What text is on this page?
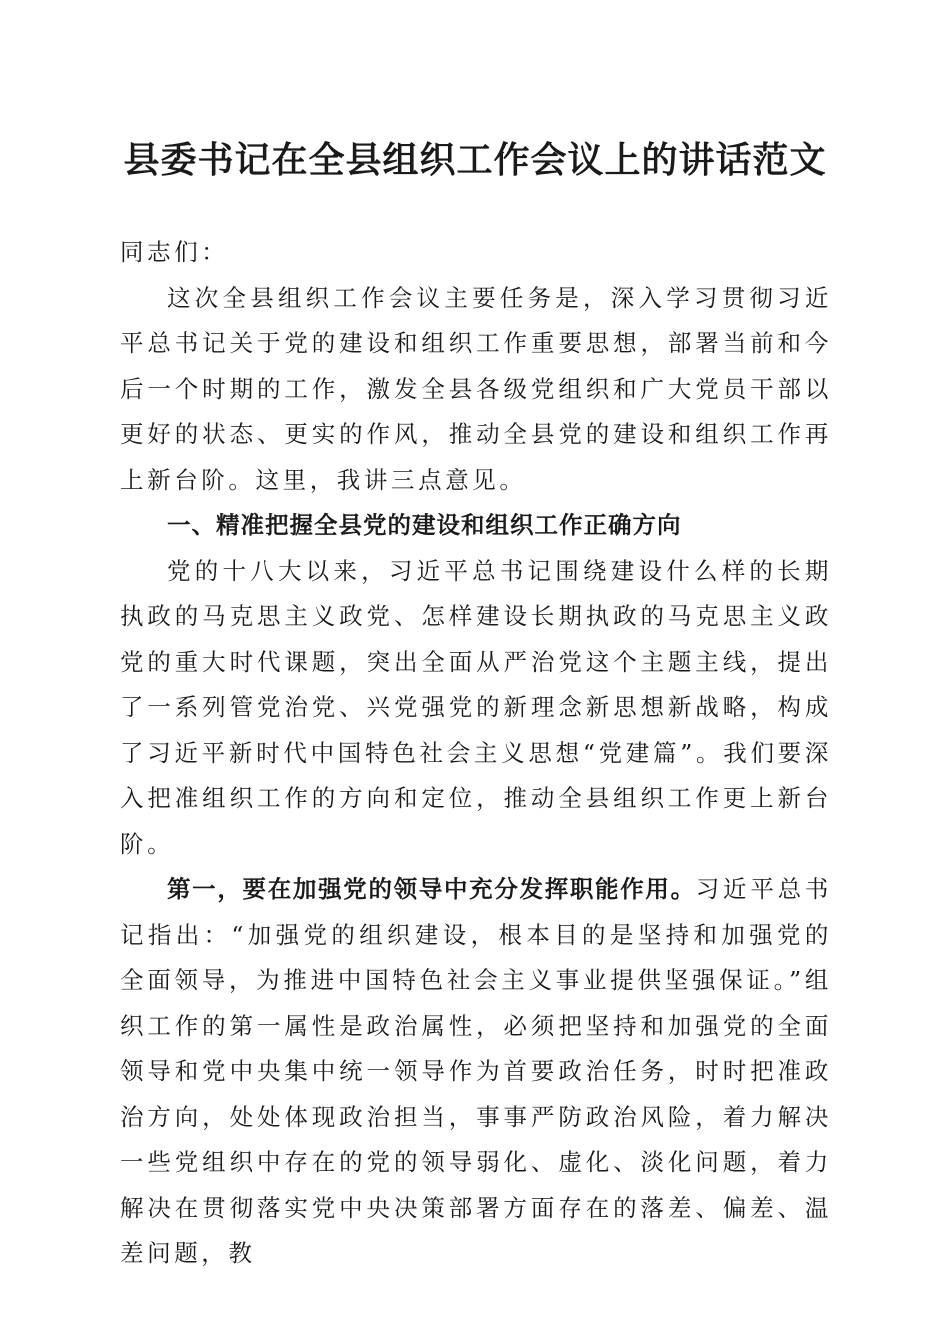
县委书记在全县组织工作会议上的讲话范文

同志们：

这次全县组织工作会议主要任务是，深入学习贯彻习近平总书记关于党的建设和组织工作重要思想，部署当前和今后一个时期的工作，激发全县各级党组织和广大党员干部以更好的状态、更实的作风，推动全县党的建设和组织工作再上新台阶。这里，我讲三点意见。

一、精准把握全县党的建设和组织工作正确方向

党的十八大以来，习近平总书记围绕建设什么样的长期执政的马克思主义政党、怎样建设长期执政的马克思主义政党的重大时代课题，突出全面从严治党这个主题主线，提出了一系列管党治党、兴党强党的新理念新思想新战略，构成了习近平新时代中国特色社会主义思想“党建篇”。我们要深入把准组织工作的方向和定位，推动全县组织工作更上新台阶。

第一，要在加强党的领导中充分发挥职能作用。习近平总书记指出：“加强党的组织建设，根本目的是坚持和加强党的全面领导，为推进中国特色社会主义事业提供坚强保证。”组织工作的第一属性是政治属性，必须把坚持和加强党的全面领导和党中央集中统一领导作为首要政治任务，时时把准政治方向，处处体现政治担当，事事严防政治风险，着力解决一些党组织中存在的党的领导弱化、虚化、淡化问题，着力解决在贯彻落实党中央决策部署方面存在的落差、偏差、温差问题，教
